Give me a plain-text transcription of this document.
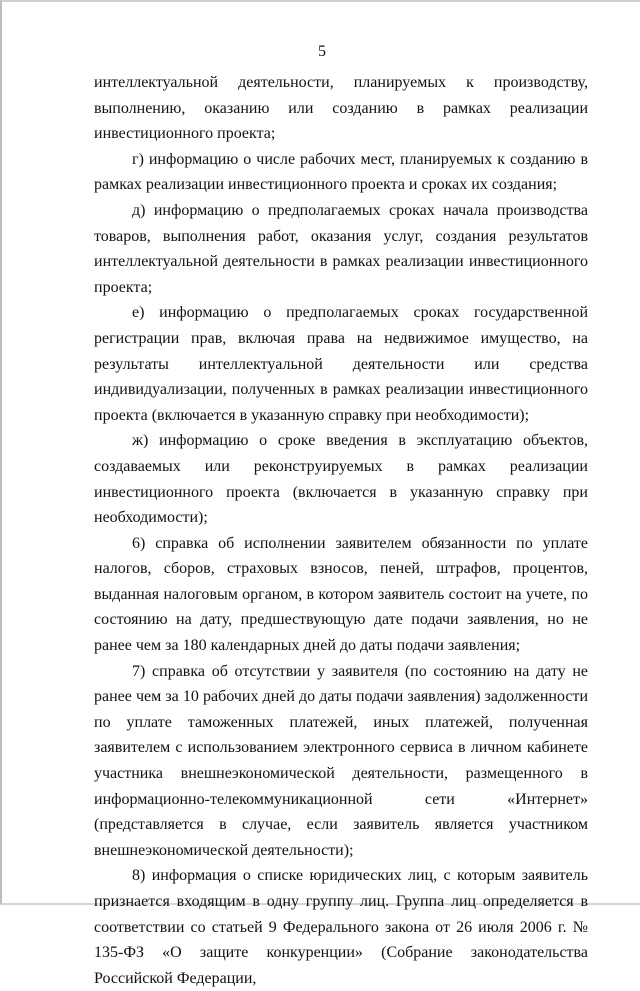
5

интеллектуальной деятельности, планируемых к производству, выполнению, оказанию или созданию в рамках реализации инвестиционного проекта;

г) информацию о числе рабочих мест, планируемых к созданию в рамках реализации инвестиционного проекта и сроках их создания;

д) информацию о предполагаемых сроках начала производства товаров, выполнения работ, оказания услуг, создания результатов интеллектуальной деятельности в рамках реализации инвестиционного проекта;

е) информацию о предполагаемых сроках государственной регистрации прав, включая права на недвижимое имущество, на результаты интеллектуальной деятельности или средства индивидуализации, полученных в рамках реализации инвестиционного проекта (включается в указанную справку при необходимости);

ж) информацию о сроке введения в эксплуатацию объектов, создаваемых или реконструируемых в рамках реализации инвестиционного проекта (включается в указанную справку при необходимости);

6) справка об исполнении заявителем обязанности по уплате налогов, сборов, страховых взносов, пеней, штрафов, процентов, выданная налоговым органом, в котором заявитель состоит на учете, по состоянию на дату, предшествующую дате подачи заявления, но не ранее чем за 180 календарных дней до даты подачи заявления;

7) справка об отсутствии у заявителя (по состоянию на дату не ранее чем за 10 рабочих дней до даты подачи заявления) задолженности по уплате таможенных платежей, иных платежей, полученная заявителем с использованием электронного сервиса в личном кабинете участника внешнеэкономической деятельности, размещенного в информационно-телекоммуникационной сети «Интернет» (представляется в случае, если заявитель является участником внешнеэкономической деятельности);

8) информация о списке юридических лиц, с которым заявитель признается входящим в одну группу лиц. Группа лиц определяется в соответствии со статьей 9 Федерального закона от 26 июля 2006 г. № 135-ФЗ «О защите конкуренции» (Собрание законодательства Российской Федерации,
